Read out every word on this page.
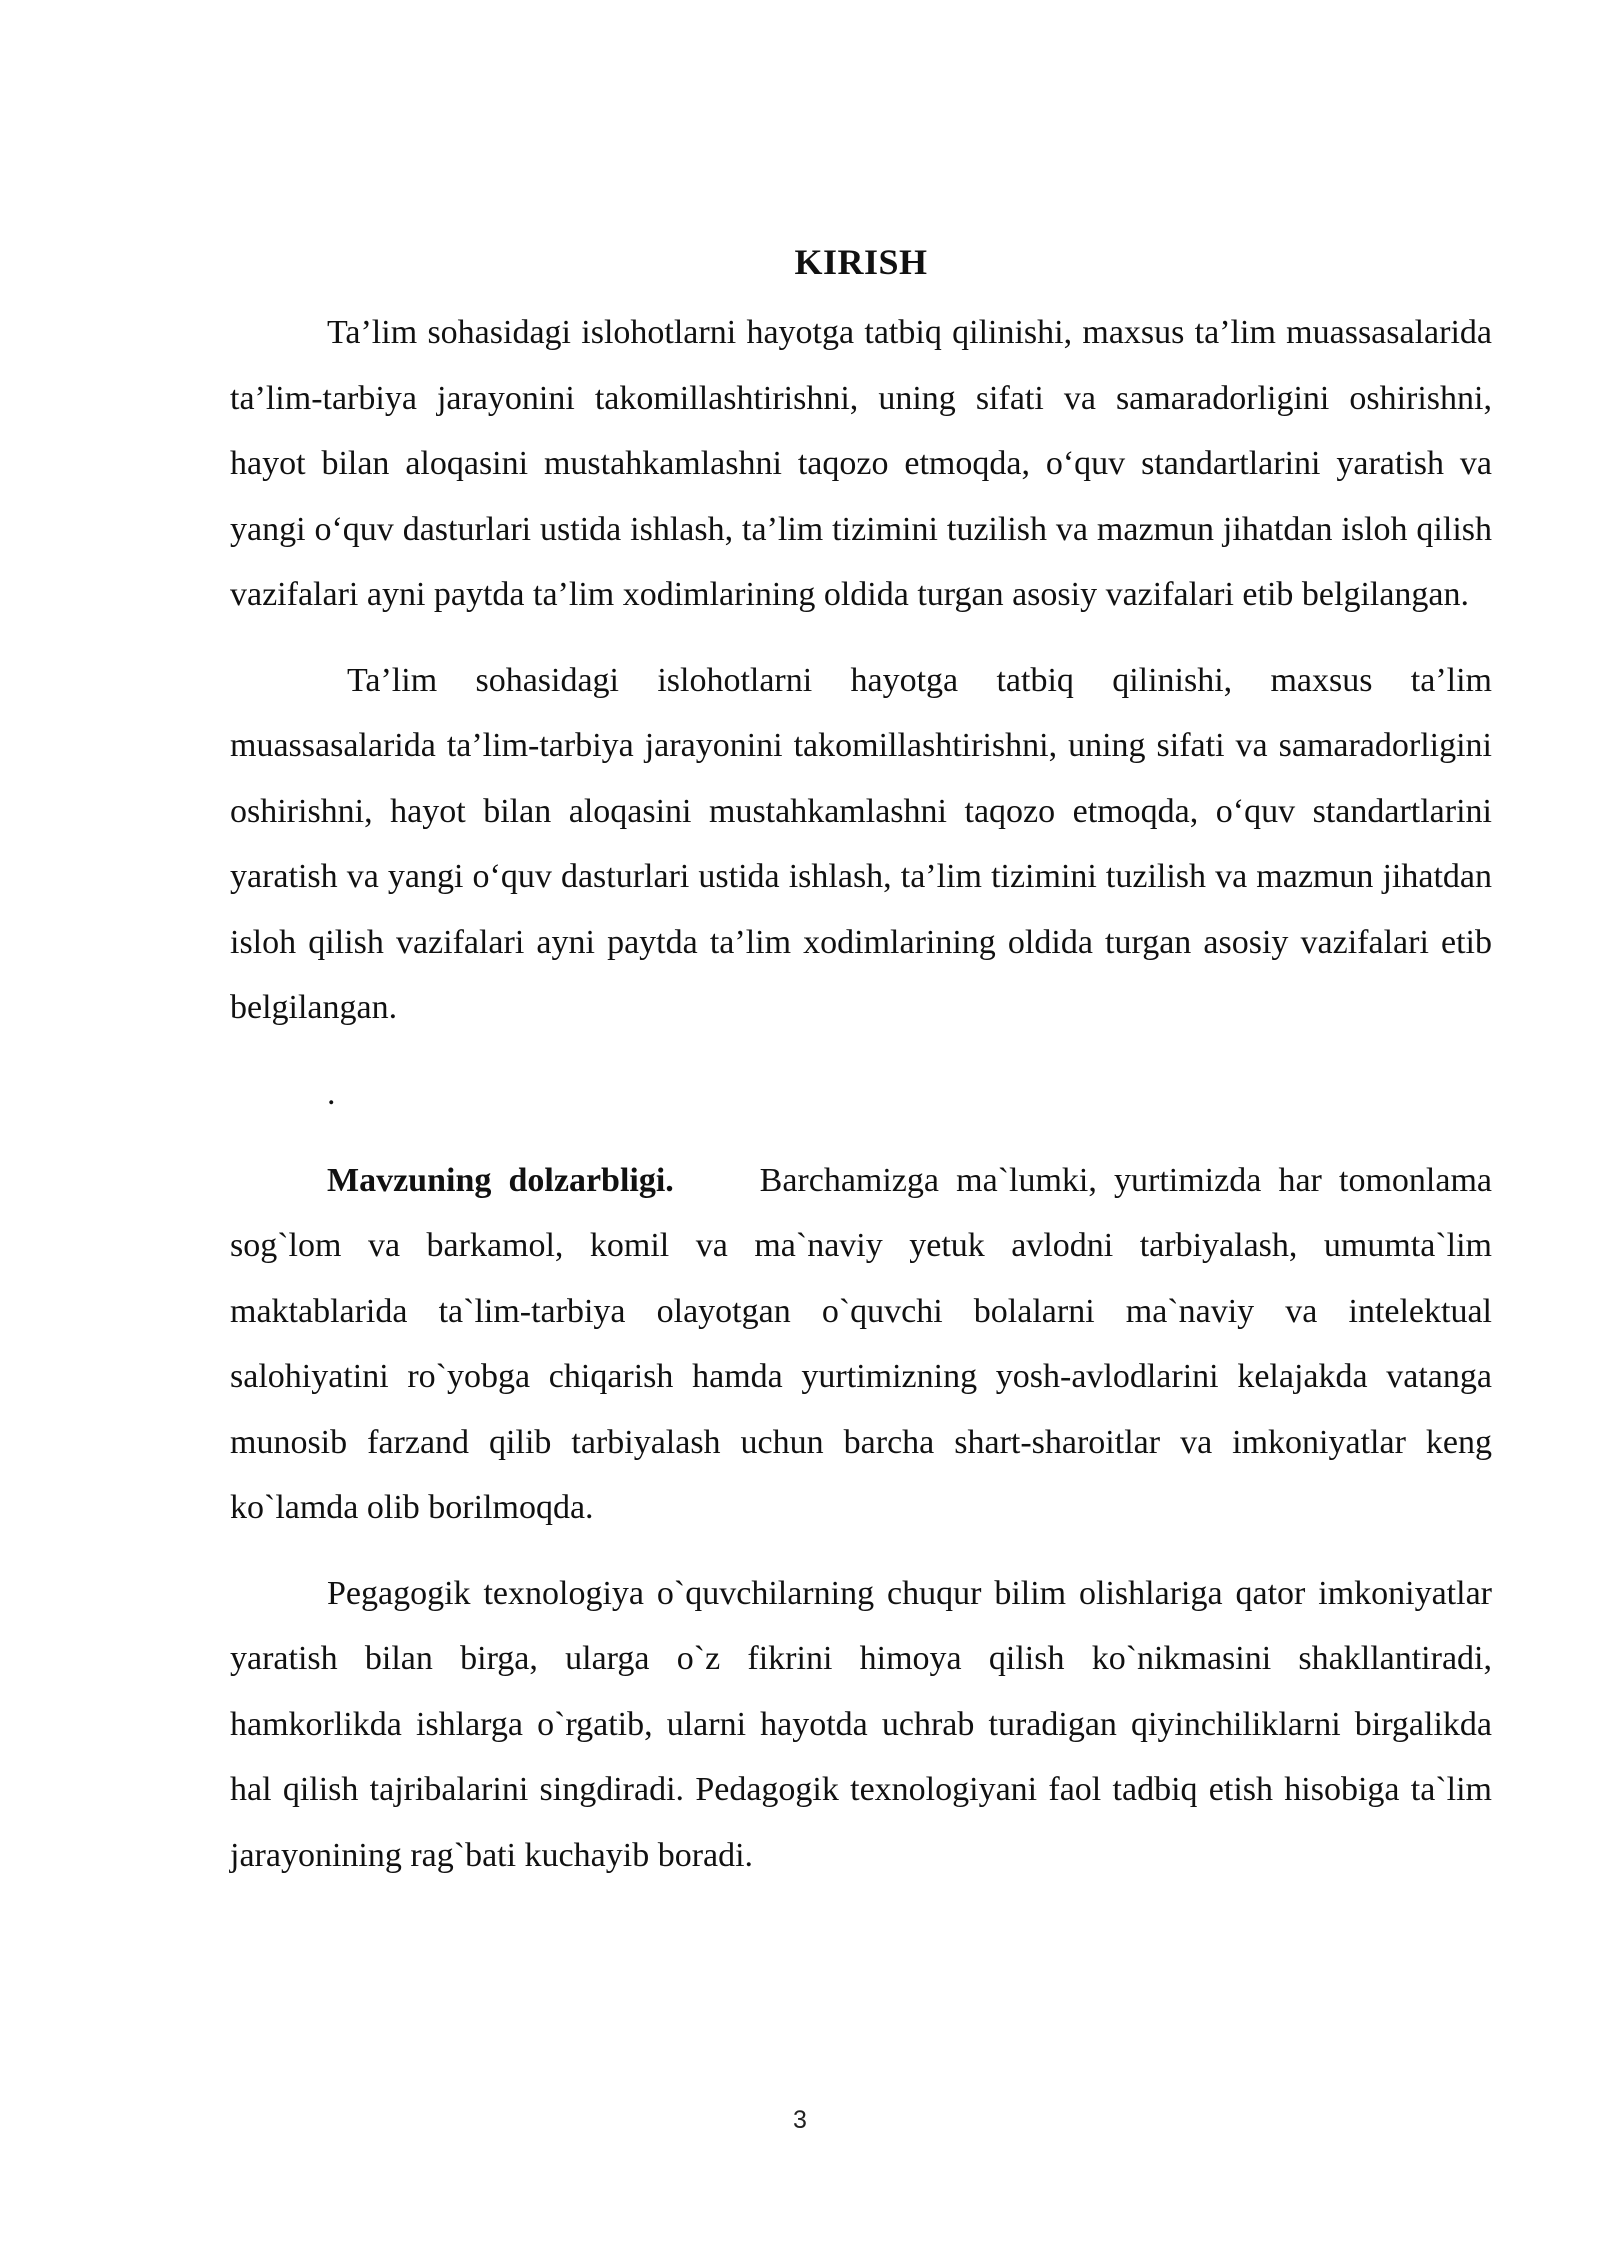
KIRISH

Ta’lim sohasidagi islohotlarni hayotga tatbiq qilinishi, maxsus ta’lim muassasalarida ta’lim-tarbiya jarayonini takomillashtirishni, uning sifati va samaradorligini oshirishni, hayot bilan aloqasini mustahkamlashni taqozo etmoqda, o‘quv standartlarini yaratish va yangi o‘quv dasturlari ustida ishlash, ta’lim tizimini tuzilish va mazmun jihatdan isloh qilish vazifalari ayni paytda ta’lim xodimlarining oldida turgan asosiy vazifalari etib belgilangan.

Ta’lim sohasidagi islohotlarni hayotga tatbiq qilinishi, maxsus ta’lim muassasalarida ta’lim-tarbiya jarayonini takomillashtirishni, uning sifati va samaradorligini oshirishni, hayot bilan aloqasini mustahkamlashni taqozo etmoqda, o‘quv standartlarini yaratish va yangi o‘quv dasturlari ustida ishlash, ta’lim tizimini tuzilish va mazmun jihatdan isloh qilish vazifalari ayni paytda ta’lim xodimlarining oldida turgan asosiy vazifalari etib belgilangan.

.

Mavzuning dolzarbligi.	Barchamizga ma`lumki, yurtimizda har tomonlama sog`lom va barkamol, komil va ma`naviy yetuk avlodni tarbiyalash, umumta`lim maktablarida ta`lim-tarbiya olayotgan o`quvchi bolalarni ma`naviy va intelektual salohiyatini ro`yobga chiqarish hamda yurtimizning yosh-avlodlarini kelajakda vatanga munosib farzand qilib tarbiyalash uchun barcha shart-sharoitlar va imkoniyatlar keng ko`lamda olib borilmoqda.

Pegagogik texnologiya o`quvchilarning chuqur bilim olishlariga qator imkoniyatlar yaratish bilan birga, ularga o`z fikrini himoya qilish ko`nikmasini shakllantiradi, hamkorlikda ishlarga o`rgatib, ularni hayotda uchrab turadigan qiyinchiliklarni birgalikda hal qilish tajribalarini singdiradi. Pedagogik texnologiyani faol tadbiq etish hisobiga ta`lim jarayonining rag`bati kuchayib boradi.

3
